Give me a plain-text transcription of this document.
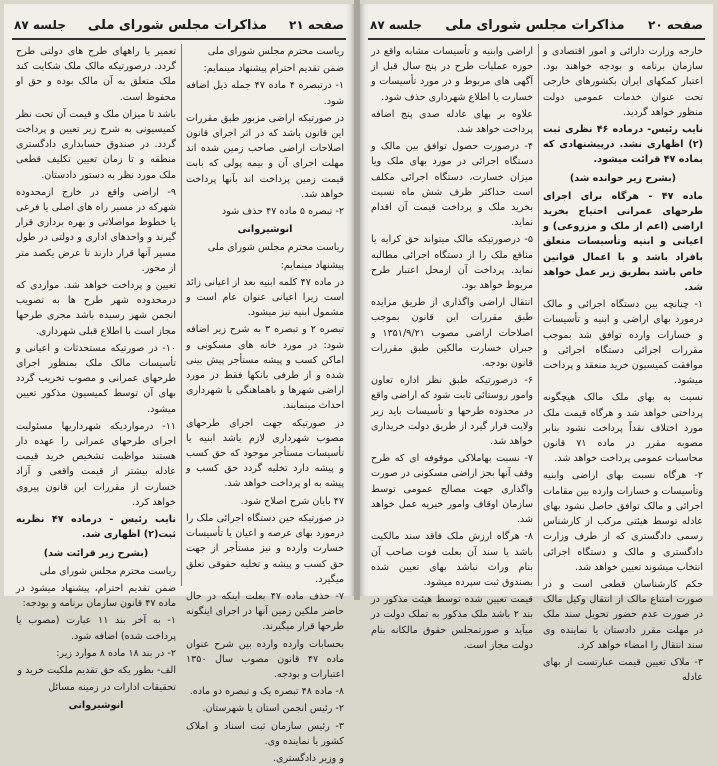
صفحه ۲۱
مذاکرات مجلس شورای ملی
جلسه ۸۷

ریاست محترم مجلس شورای ملی

ضمن تقدیم احترام پیشنهاد مینمایم:

۱- درتبصره ۴ ماده ۴۷ جمله ذیل اضافه شود.

در صورتیکه اراضی مزبور طبق مقررات این قانون باشد که در اثر اجرای قانون اصلاحات اراضی صاحب زمین شده اند مهلت اجرای آن و بیمه پولی که بابت قیمت زمین پرداخت اند بآنها پرداخت خواهد شد.

۲- تبصره ۵ ماده ۴۷ حذف شود

انوشیروانی

ریاست محترم مجلس شورای ملی

پیشنهاد مینمایم:

در ماده ۴۷ کلمه ابنیه بعد از اعیانی زائد است زیرا اعیانی عنوان عام است و مشمول ابنیه نیز میشود.

تبصره ۲ و تبصره ۳ به شرح زیر اضافه شود: در مورد خانه های مسکونی و اماکن کسب و پیشه مستأجر پیش بینی شده و از طرفی بانکها فقط در مورد اراضی شهرها و باهماهنگی با شهرداری احداث مینمایند.

در صورتیکه جهت اجرای طرحهای مصوب شهرداری لازم باشد ابنیه یا تأسیسات مستأجر موجود که حق کسب و پیشه دارد تخلیه گردد حق کسب و پیشه به او پرداخت خواهد شد.

۴۷ بایان شرح اصلاح شود.

در صورتیکه حین دستگاه اجرائی ملک را درمورد بهای عرصه و اعیان یا تأسیسات خسارت وارده و نیز مستأجر از جهت حق کسب و پیشه و تخلیه حقوقی تعلق میگیرد.

۷- حذف ماده ۴۷ بعلت اینکه در حال حاضر ملکین زمین آنها در اجرای اینگونه طرحها قرار میگیرند.

بحسابات وارده وارده بین شرح عنوان ماده ۴۷ قانون مصوب سال ۱۳۵۰ اعتبارات و بودجه.

۸- ماده ۴۸ تبصره یک و تبصره دو ماده.

۲- رئیس انجمن استان یا شهرستان.

۳- رئیس سازمان ثبت اسناد و املاک کشور یا نماینده وی.

و وزیر دادگستری.

تعمیر یا راههای طرح های دولتی طرح گردد. درصورتیکه مالک ملک شکایت کند ملک متعلق به آن مالک بوده و حق او محفوظ است.

باشد تا میزان ملک و قیمت آن تحت نظر کمیسیونی به شرح زیر تعیین و پرداخت گردد. در صندوق حسابداری دادگستری منطقه و تا زمان تعیین تکلیف قطعی ملک مورد نظر به دستور دادستان.

۹- اراضی واقع در خارج ازمحدوده شهرکه در مسیر راه های اصلی یا فرعی یا خطوط مواصلاتی و بهره برداری قرار گیرند و واحدهای اداری و دولتی در طول مسیر آنها قرار دارند تا عرض یکصد متر از محور.

تعیین و پرداخت خواهد شد. مواردی که درمحدوده شهر طرح ها به تصویب انجمن شهر رسیده باشد مجری طرحها مجاز است با اطلاع قبلی شهرداری.

۱۰- در صورتیکه مستحدثات و اعیانی و تأسیسات مالک ملک بمنظور اجرای طرحهای عمرانی و مصوب تخریب گردد بهای آن توسط کمیسیون مذکور تعیین میشود.

۱۱- درمواردیکه شهرداریها مسئولیت اجرای طرحهای عمرانی را عهده دار هستند مواظبت تشخیص خرید قیمت عادله بیشتر از قیمت واقعی و آزاد خسارت از مقررات این قانون پیروی خواهد کرد.

نایب رئیس - درماده ۴۷ نظریه ثبت(۲) اظهاری شد.

(بشرح زیر قرائت شد)

ریاست محترم مجلس شورای ملی

ضمن تقدیم احترام، پیشنهاد میشود در ماده ۴۷ قانون سازمان برنامه و بودجه:

۱- به آخر بند ۱۱ عبارت (مصوب یا پرداخت شده) اضافه شود.

۲- در بند ۱۸ ماده ۸ موارد زیر:

الف- بطور یکه حق تقدیم ملکیت خرید و

تحقیقات ادارات در زمینه مسائل

انوشیروانی

صفحه ۲۰
مذاکرات مجلس شورای ملی
جلسه ۸۷

خارجه وزارت دارائی و امور اقتصادی و سازمان برنامه و بودجه خواهند بود. اعتبار کمکهای ایران بکشورهای خارجی تحت عنوان خدمات عمومی دولت منظور خواهد گردید.

نایب رئیس- درماده ۴۶ نظری ثبت (۲) اظهاری نشد. درپیشنهادی که بماده ۴۷ قرائت میشود.

(بشرح زیر خوانده شد)

ماده ۴۷ - هرگاه برای اجرای طرحهای عمرانی احتیاج بخرید اراضی (اعم از ملک و مزروعی) و اعیانی و ابنیه وتأسیسات متعلق بافراد باشد و با اعمال قوانین خاص باشد بطریق زیر عمل خواهد شد.

۱- چنانچه بین دستگاه اجرائی و مالک درمورد بهای اراضی و ابنیه و تأسیسات و خسارات وارده توافق شد بموجب مقررات اجرائی دستگاه اجرائی و موافقت کمیسیون خرید منعقد و پرداخت میشود.

نسبت به بهای ملک مالک هیچگونه پرداختی خواهد شد و هرگاه قیمت ملک مورد اختلاف نقداً پرداخت نشود بنابر مصوبه مقرر در ماده ۷۱ قانون محاسبات عمومی پرداخت خواهد شد.

۲- هرگاه نسبت بهای اراضی وابنیه وتأسیسات و خسارات وارده بین مقامات اجرائی و مالک توافق حاصل نشود بهای عادله توسط هیئتی مرکب از کارشناس رسمی دادگستری که از طرف وزارت دادگستری و مالک و دستگاه اجرائی انتخاب میشوند تعیین خواهد شد.

حکم کارشناسان قطعی است و در صورت امتناع مالک از انتقال وکیل مالک در صورت عدم حضور تحویل سند ملک در مهلت مقرر دادستان یا نماینده وی سند انتقال را امضاء خواهد کرد.

۳- ملاک تعیین قیمت عبارتست از بهای عادله

اراضی وابنیه و تأسیسات مشابه واقع در حوزه عملیات طرح در پنج سال قبل از آگهی های مربوط و در مورد تأسیسات و خسارت یا اطلاع شهرداری حذف شود.

علاوه بر بهای عادله صدی پنج اضافه پرداخت خواهد شد.

۴- درصورت حصول توافق بین مالک و دستگاه اجرائی در مورد بهای ملک ویا میزان خسارت، دستگاه اجرائی مکلف است حداکثر ظرف شش ماه نسبت بخرید ملک و پرداخت قیمت آن اقدام نماید.

۵- درصورتیکه مالک میتواند حق کرایه یا منافع ملک را از دستگاه اجرائی مطالبه نماید. پرداخت آن ازمحل اعتبار طرح مربوط خواهد بود.

انتقال اراضی واگذاری از طریق مزایده طبق مقررات این قانون بموجب اصلاحات اراضی مصوب ۱۳۵۱/۹/۲۱ و جبران خسارت مالکین طبق مقررات قانون بودجه.

۶- درصورتیکه طبق نظر اداره تعاون وامور روستائی ثابت شود که اراضی واقع در محدوده طرحها و تأسیسات باید زیر ولایت قرار گیرد از طریق دولت خریداری خواهد شد.

۷- نسبت بهاملاکی موقوفه ای که طرح وقف آنها بجز اراضی مسکونی در صورت واگذاری جهت مصالح عمومی توسط سازمان اوقاف وامور خیریه عمل خواهد شد.

۸- هرگاه ارزش ملک فاقد سند مالکیت باشد یا سند آن بعلت فوت صاحب آن بنام وراث نباشد بهای تعیین شده بصندوق ثبت سپرده میشود.

قیمت تعیین شده توسط هیئت مذکور در بند ۲ باشد ملک مذکور به تملک دولت در میآید و صورتمجلس حقوق مالکانه بنام دولت مجاز است.
